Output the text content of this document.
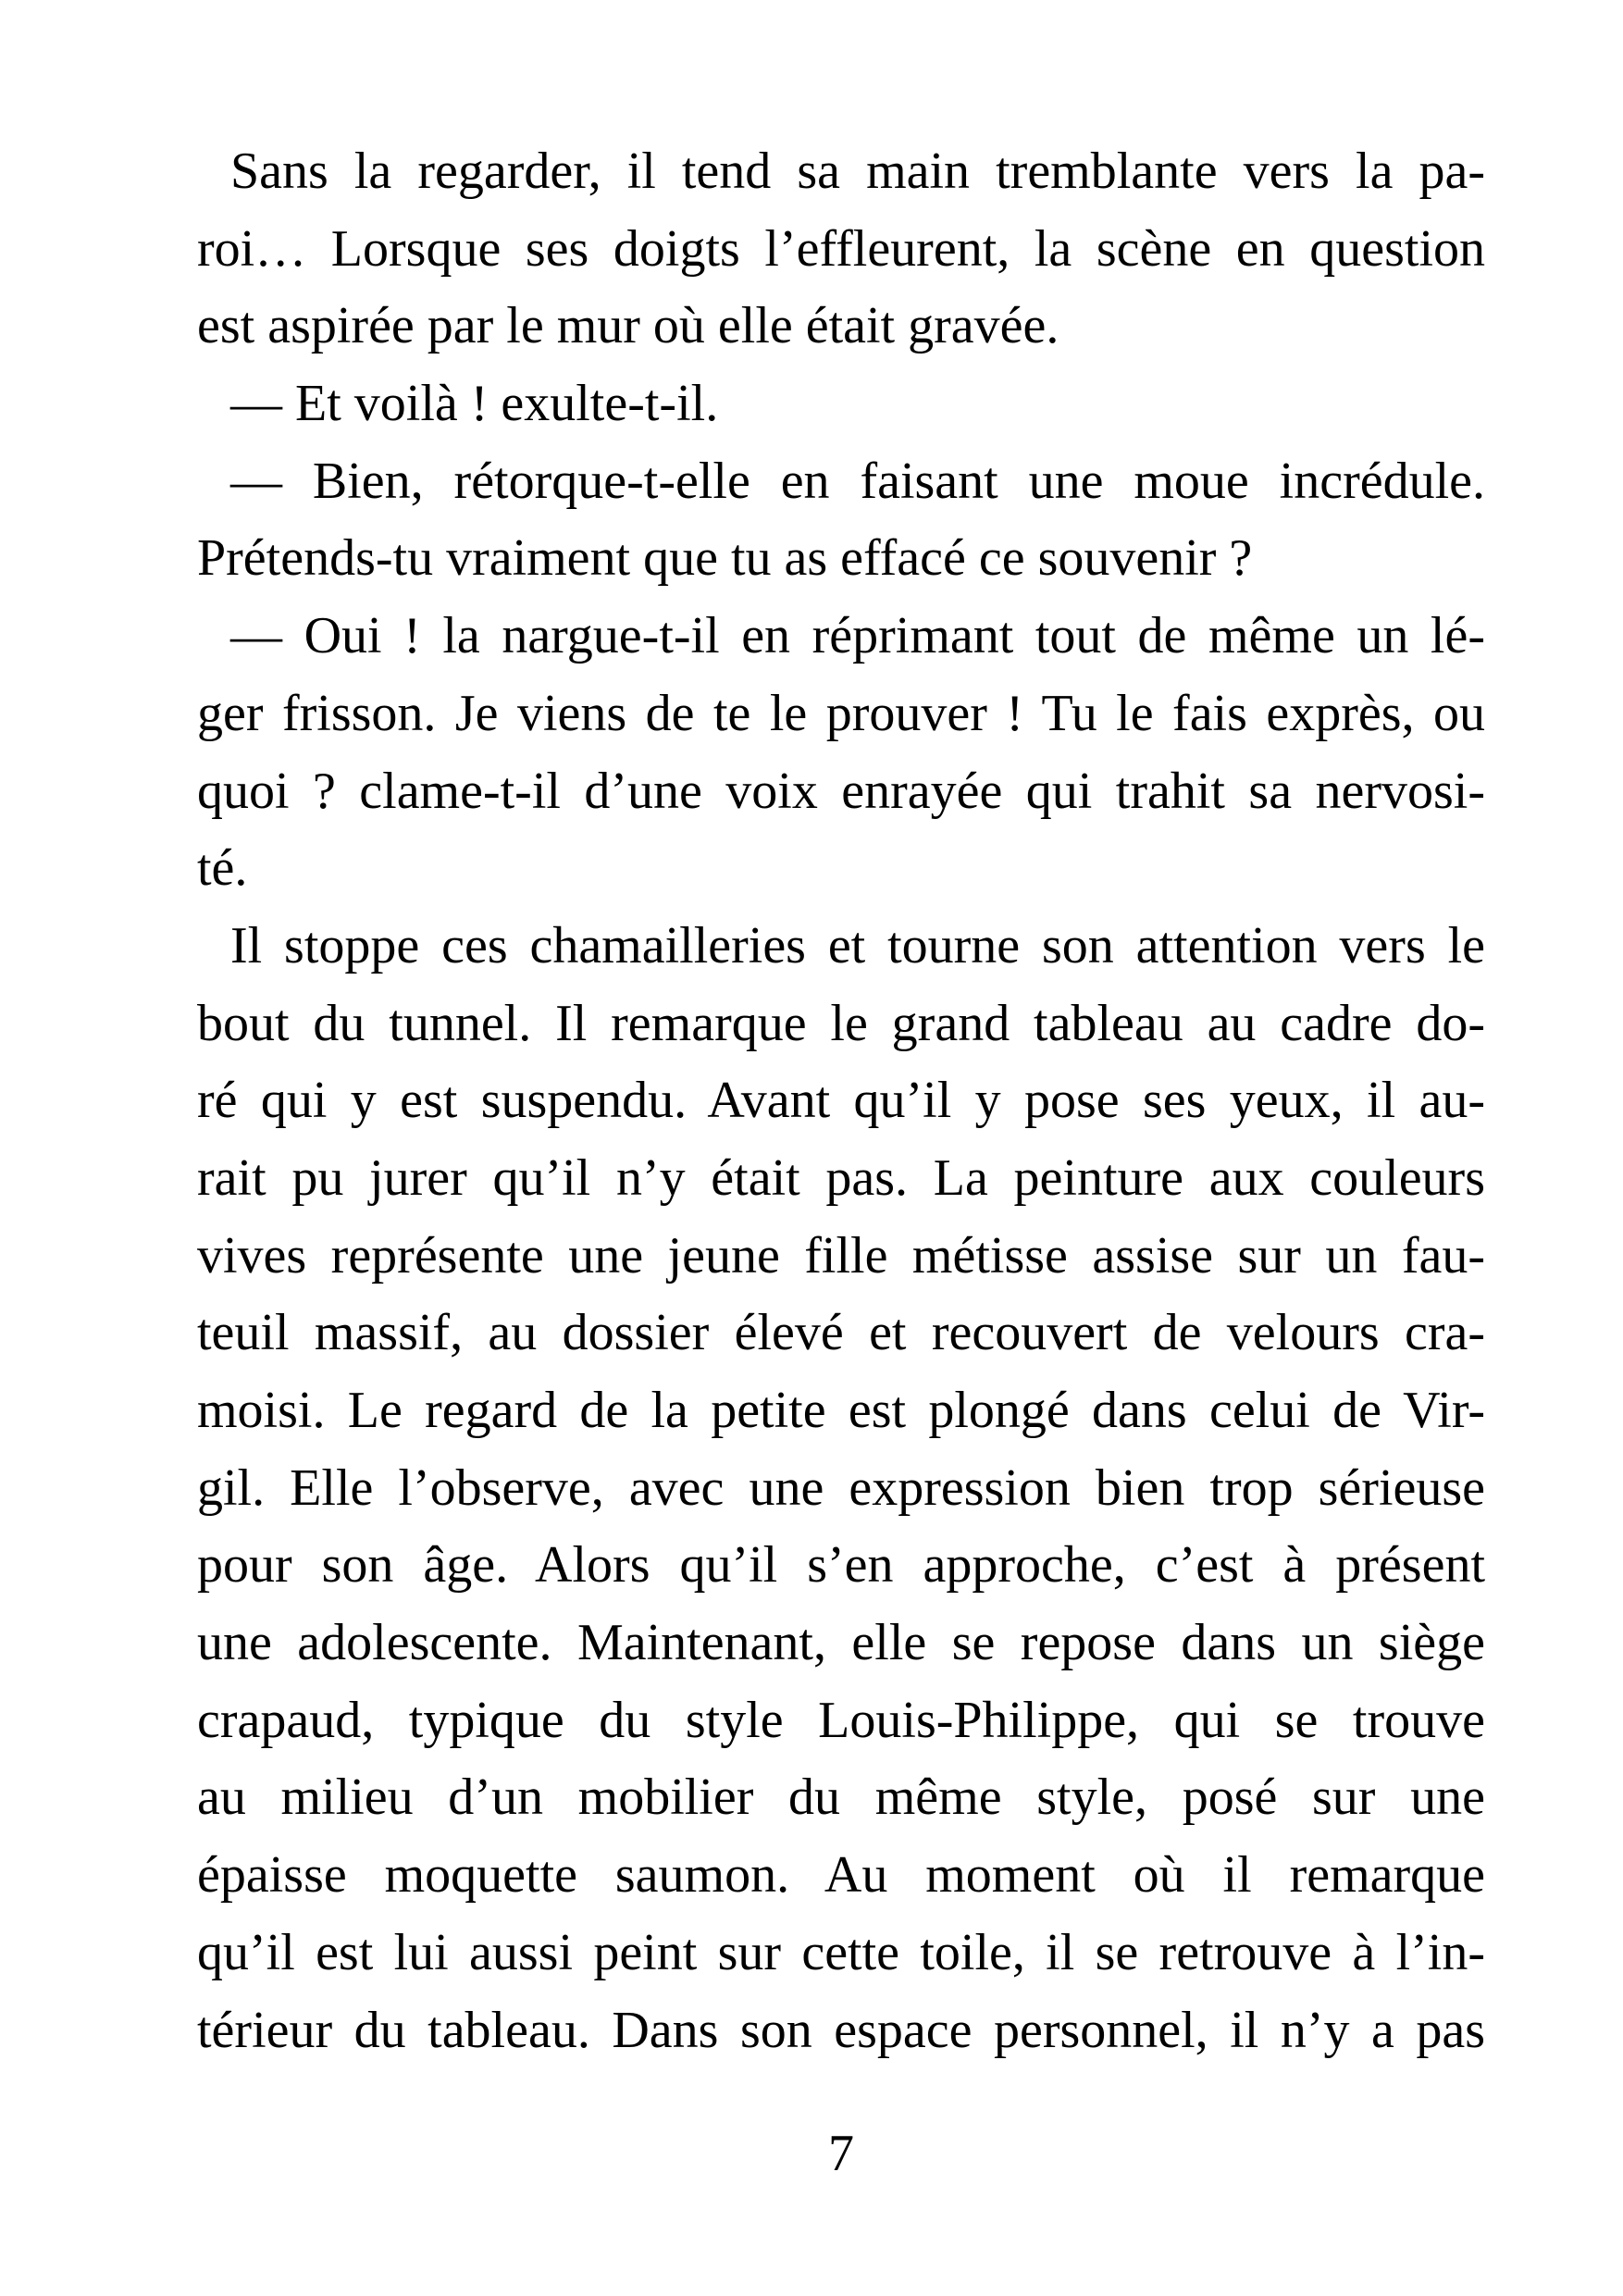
Sans la regarder, il tend sa main tremblante vers la pa-
roi… Lorsque ses doigts l’effleurent, la scène en question
est aspirée par le mur où elle était gravée.
— Et voilà ! exulte-t-il.
— Bien, rétorque-t-elle en faisant une moue incrédule.
Prétends-tu vraiment que tu as effacé ce souvenir ?
— Oui ! la nargue-t-il en réprimant tout de même un lé-
ger frisson. Je viens de te le prouver ! Tu le fais exprès, ou
quoi ? clame-t-il d’une voix enrayée qui trahit sa nervosi-
té.
Il stoppe ces chamailleries et tourne son attention vers le
bout du tunnel. Il remarque le grand tableau au cadre do-
ré qui y est suspendu. Avant qu’il y pose ses yeux, il au-
rait pu jurer qu’il n’y était pas. La peinture aux couleurs
vives représente une jeune fille métisse assise sur un fau-
teuil massif, au dossier élevé et recouvert de velours cra-
moisi. Le regard de la petite est plongé dans celui de Vir-
gil. Elle l’observe, avec une expression bien trop sérieuse
pour son âge. Alors qu’il s’en approche, c’est à présent
une adolescente. Maintenant, elle se repose dans un siège
crapaud, typique du style Louis-Philippe, qui se trouve
au milieu d’un mobilier du même style, posé sur une
épaisse moquette saumon. Au moment où il remarque
qu’il est lui aussi peint sur cette toile, il se retrouve à l’in-
térieur du tableau. Dans son espace personnel, il n’y a pas
7
